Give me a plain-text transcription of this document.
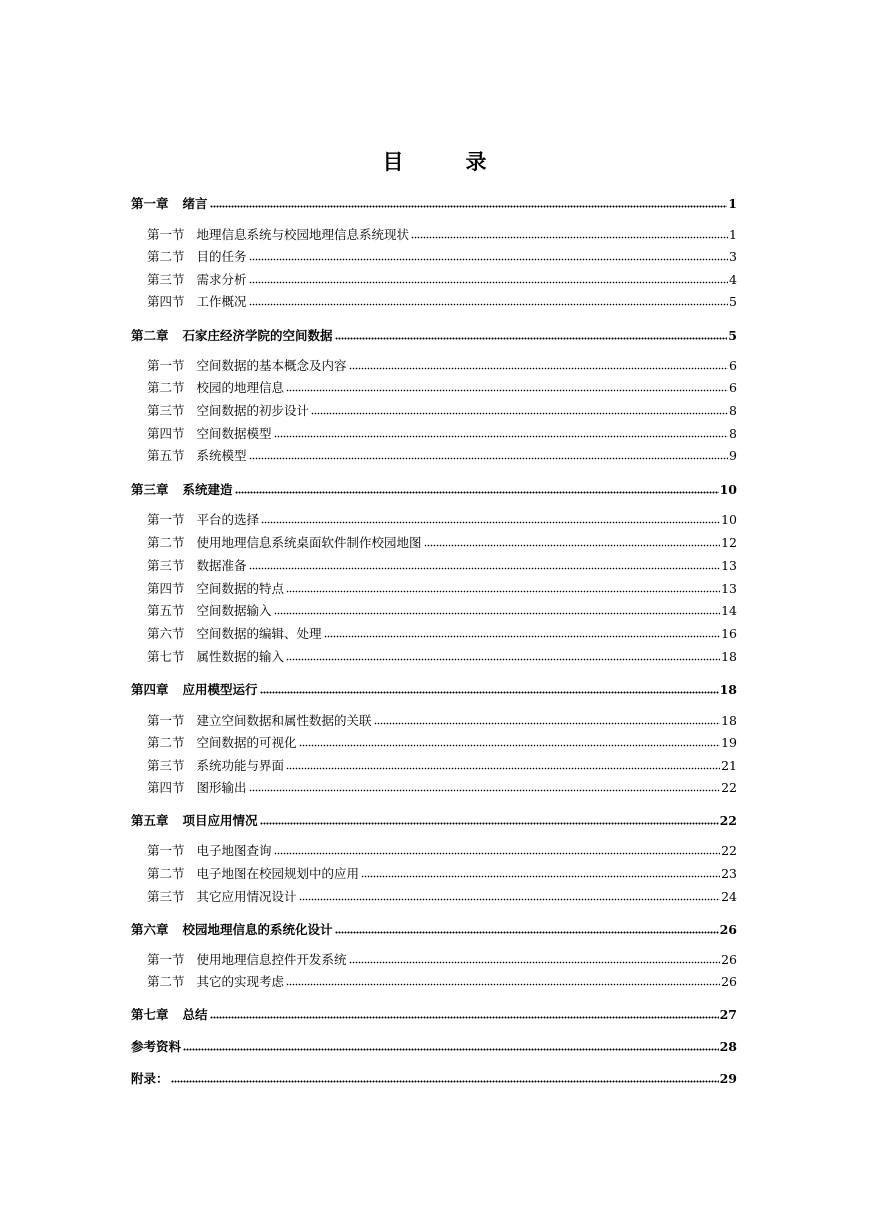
目	录
第一章	绪言	1
第一节 地理信息系统与校园地理信息系统现状	1
第二节 目的任务	3
第三节 需求分析	4
第四节 工作概况	5
第二章	石家庄经济学院的空间数据	5
第一节 空间数据的基本概念及内容	6
第二节 校园的地理信息	6
第三节 空间数据的初步设计	8
第四节 空间数据模型	8
第五节 系统模型	9
第三章	系统建造	10
第一节 平台的选择	10
第二节 使用地理信息系统桌面软件制作校园地图	12
第三节 数据准备	13
第四节 空间数据的特点	13
第五节 空间数据输入	14
第六节 空间数据的编辑、处理	16
第七节 属性数据的输入	18
第四章	应用模型运行	18
第一节 建立空间数据和属性数据的关联	18
第二节 空间数据的可视化	19
第三节 系统功能与界面	21
第四节 图形输出	22
第五章	项目应用情况	22
第一节 电子地图查询	22
第二节 电子地图在校园规划中的应用	23
第三节 其它应用情况设计	24
第六章	校园地理信息的系统化设计	26
第一节 使用地理信息控件开发系统	26
第二节 其它的实现考虑	26
第七章	总结	27
参考资料	28
附录：	29
